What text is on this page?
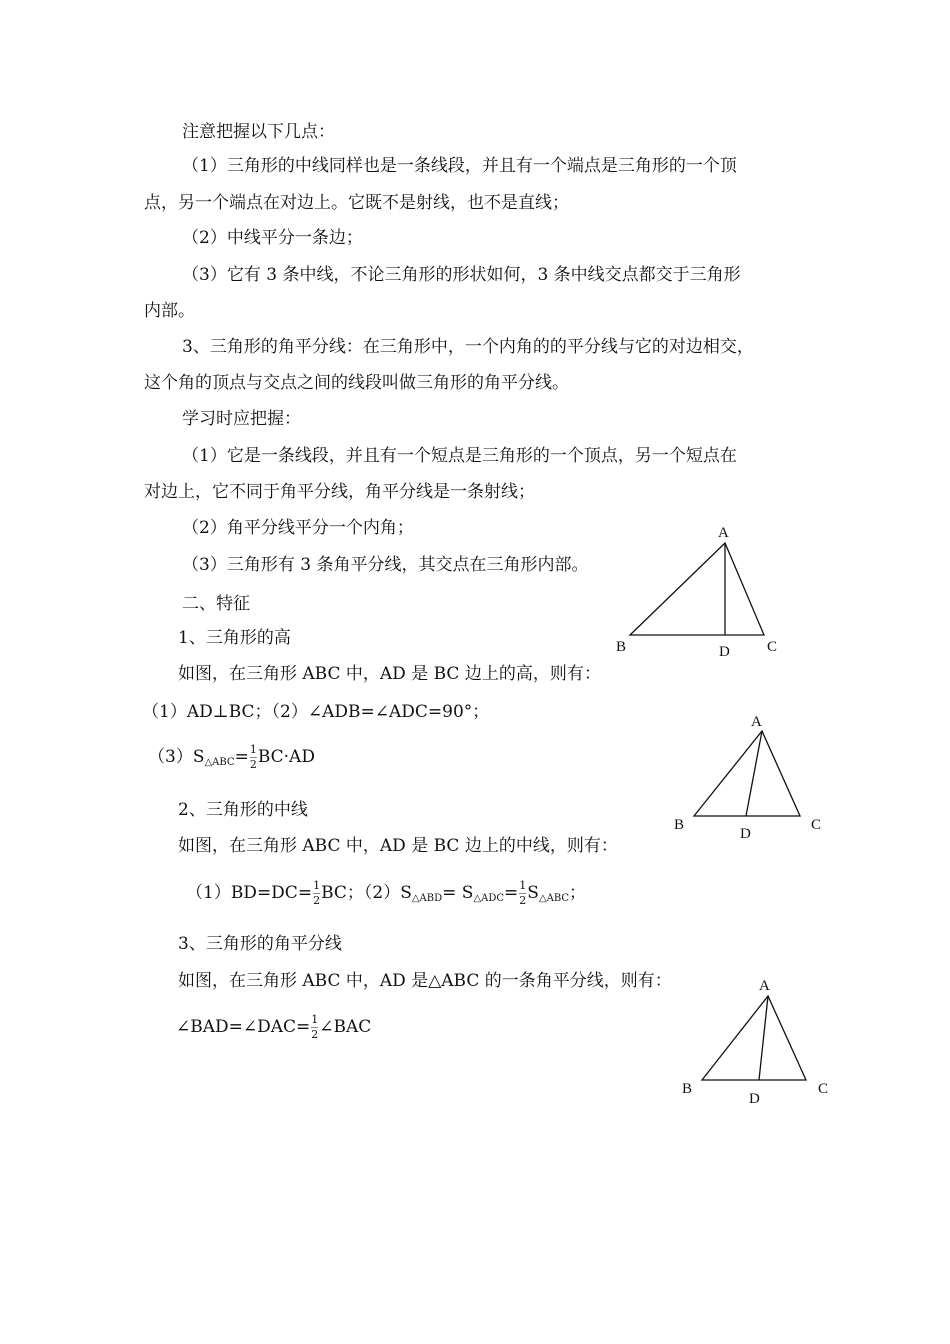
注意把握以下几点：
（1）三角形的中线同样也是一条线段，并且有一个端点是三角形的一个顶
点，另一个端点在对边上。它既不是射线，也不是直线；
（2）中线平分一条边；
（3）它有 3 条中线，不论三角形的形状如何，3 条中线交点都交于三角形
内部。
3、三角形的角平分线：在三角形中，一个内角的的平分线与它的对边相交，
这个角的顶点与交点之间的线段叫做三角形的角平分线。
学习时应把握：
（1）它是一条线段，并且有一个短点是三角形的一个顶点，另一个短点在
对边上，它不同于角平分线，角平分线是一条射线；
（2）角平分线平分一个内角；
（3）三角形有 3 条角平分线，其交点在三角形内部。
二、特征
1、三角形的高
如图，在三角形 ABC 中，AD 是 BC 边上的高，则有：
（1）AD⊥BC；（2）∠ADB=∠ADC=90°；
$(3)S_{\triangle ABC}= \frac{1}{2} BC\cdot AD$
2、三角形的中线
如图，在三角形 ABC 中，AD 是 BC 边上的中线，则有：
$(1)BD=DC= \frac{1}{2}$ BC；$(2)S_{\triangle ABD}= S_{\triangle ADC}= \frac{1}{2} S_{\triangle ABC}$；
3、三角形的角平分线
如图，在三角形 ABC 中，AD 是△ABC 的一条角平分线，则有：
∠BAD=∠DAC= $\frac{1}{2}$ ∠BAC
A
B	C
D
A
B	C
D
A
B	C
D
